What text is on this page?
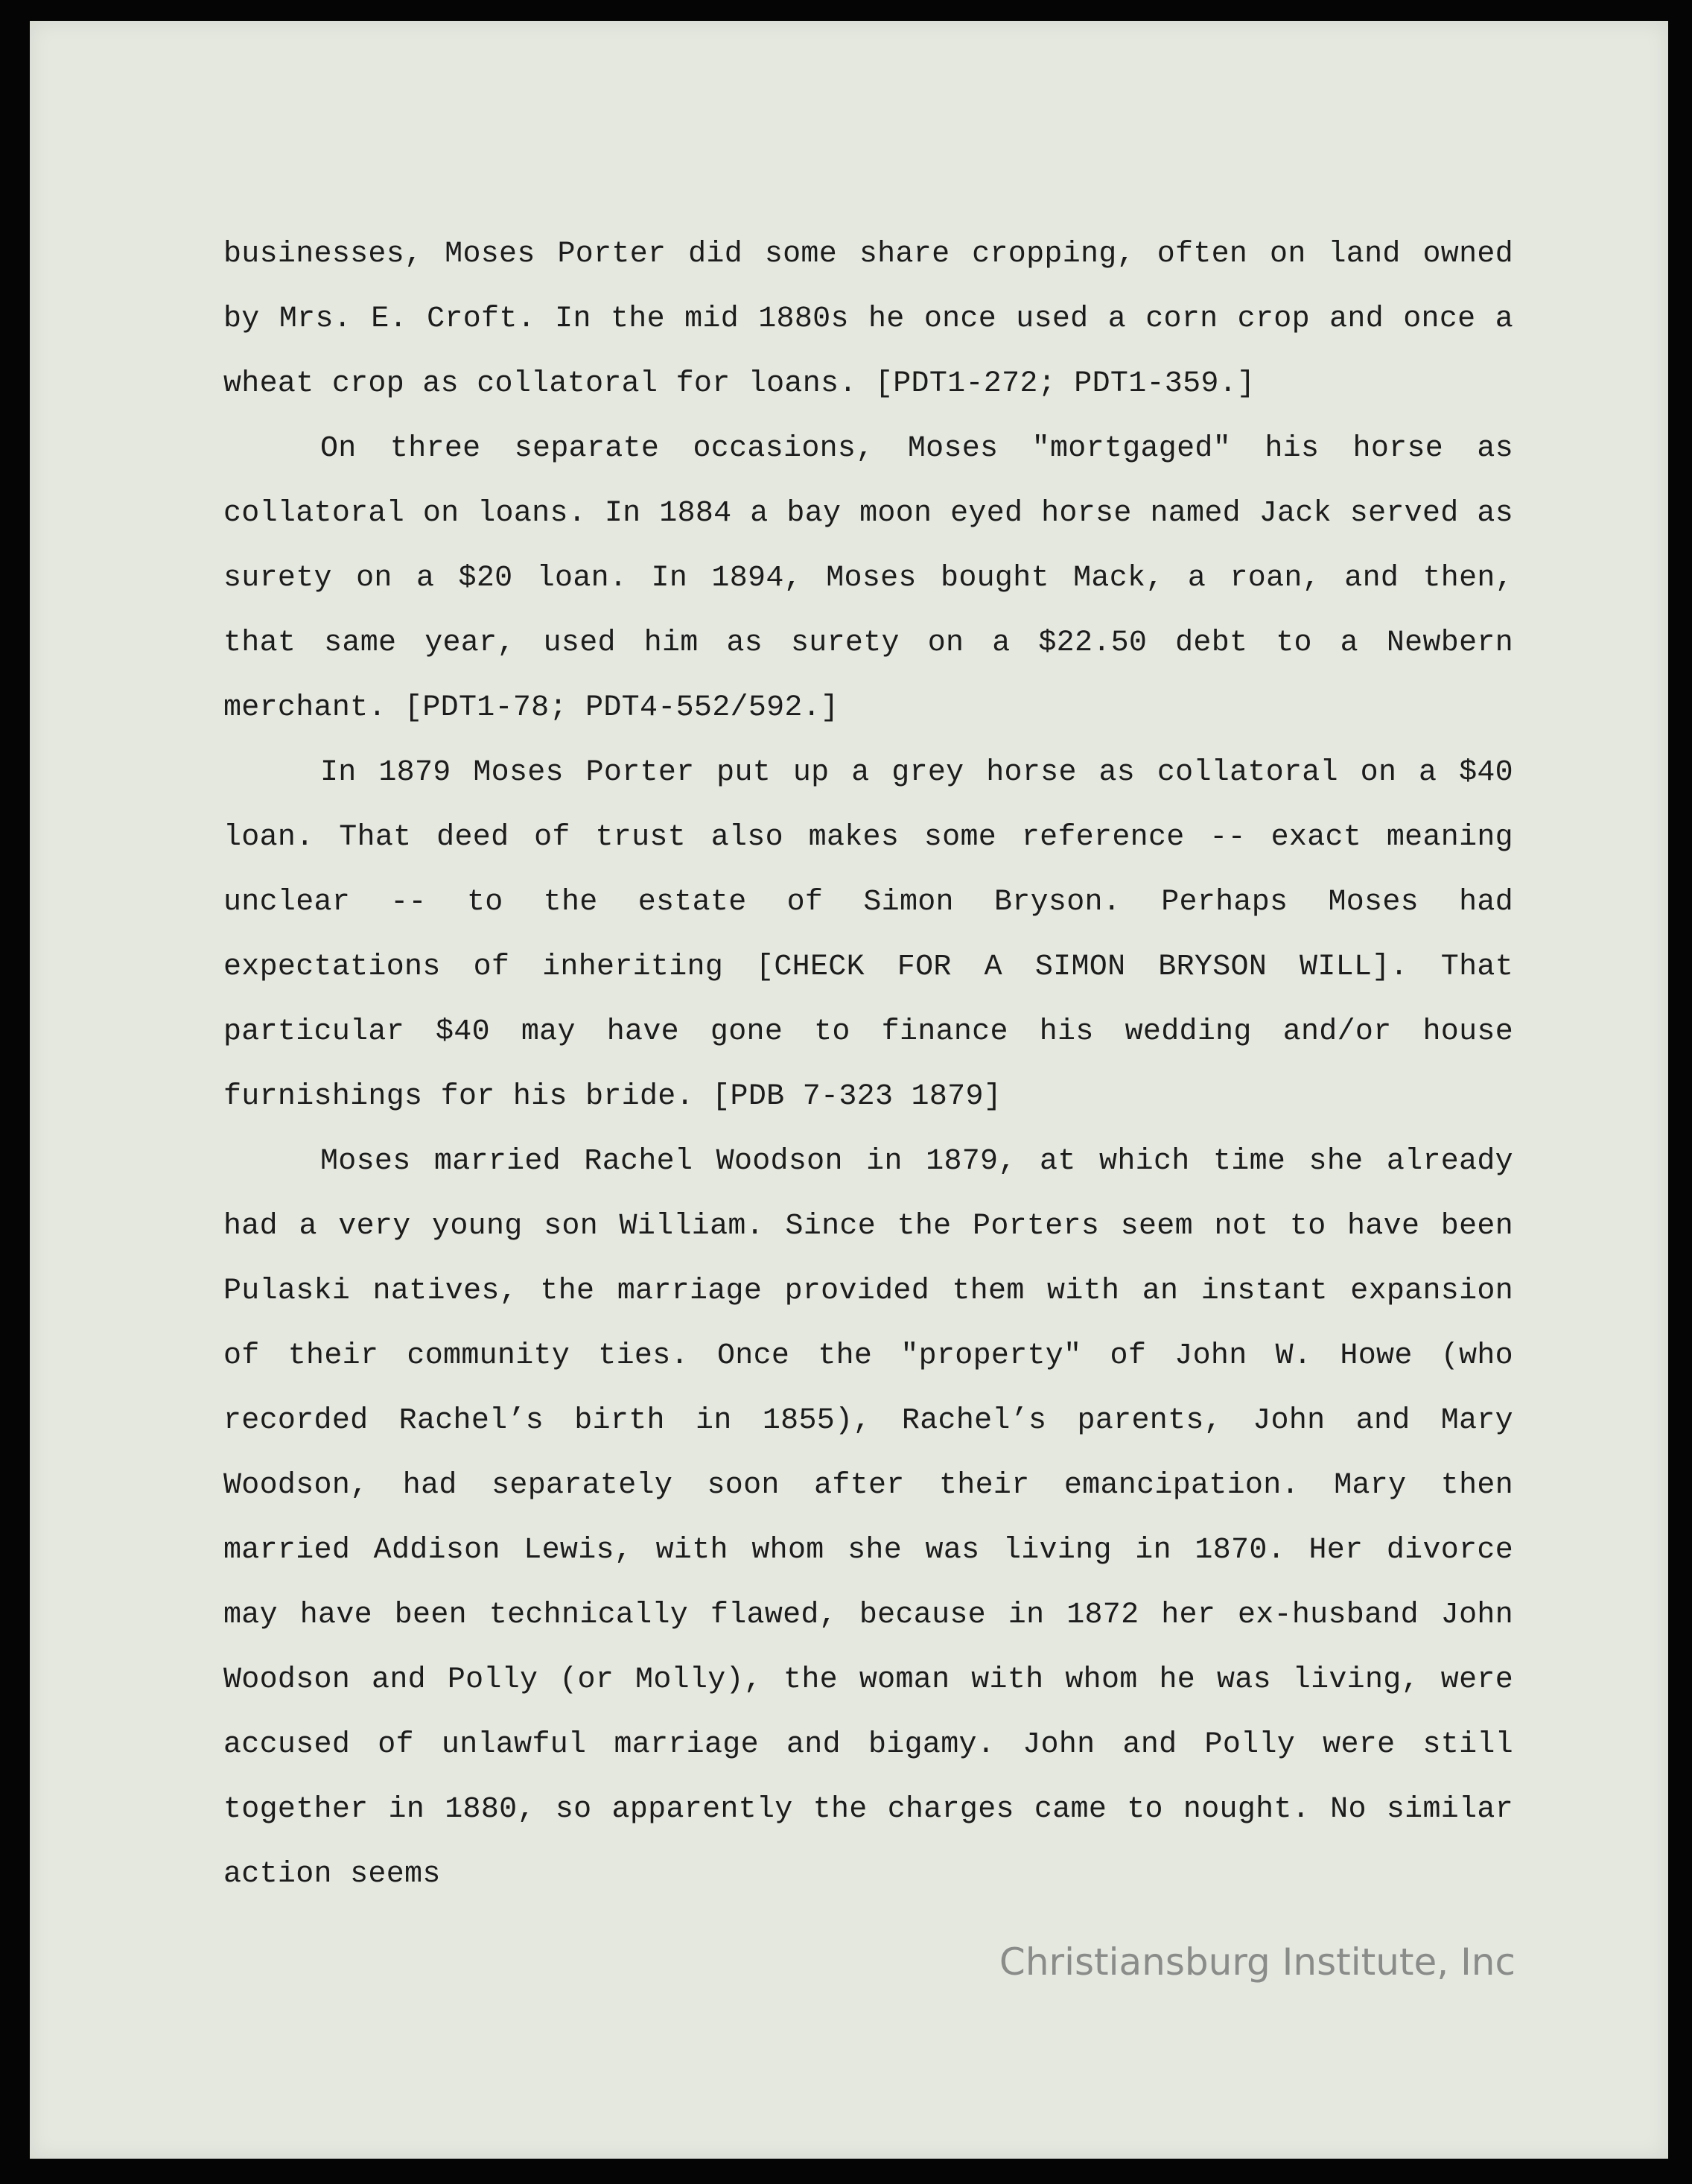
businesses, Moses Porter did some share cropping, often on land owned by Mrs. E. Croft. In the mid 1880s he once used a corn crop and once a wheat crop as collatoral for loans. [PDT1-272; PDT1-359.]

On three separate occasions, Moses "mortgaged" his horse as collatoral on loans. In 1884 a bay moon eyed horse named Jack served as surety on a $20 loan. In 1894, Moses bought Mack, a roan, and then, that same year, used him as surety on a $22.50 debt to a Newbern merchant. [PDT1-78; PDT4-552/592.]

In 1879 Moses Porter put up a grey horse as collatoral on a $40 loan. That deed of trust also makes some reference -- exact meaning unclear -- to the estate of Simon Bryson. Perhaps Moses had expectations of inheriting [CHECK FOR A SIMON BRYSON WILL]. That particular $40 may have gone to finance his wedding and/or house furnishings for his bride. [PDB 7-323 1879]

Moses married Rachel Woodson in 1879, at which time she already had a very young son William. Since the Porters seem not to have been Pulaski natives, the marriage provided them with an instant expansion of their community ties. Once the "property" of John W. Howe (who recorded Rachel’s birth in 1855), Rachel’s parents, John and Mary Woodson, had separately soon after their emancipation. Mary then married Addison Lewis, with whom she was living in 1870. Her divorce may have been technically flawed, because in 1872 her ex-husband John Woodson and Polly (or Molly), the woman with whom he was living, were accused of unlawful marriage and bigamy. John and Polly were still together in 1880, so apparently the charges came to nought. No similar action seems

Christiansburg Institute, Inc
